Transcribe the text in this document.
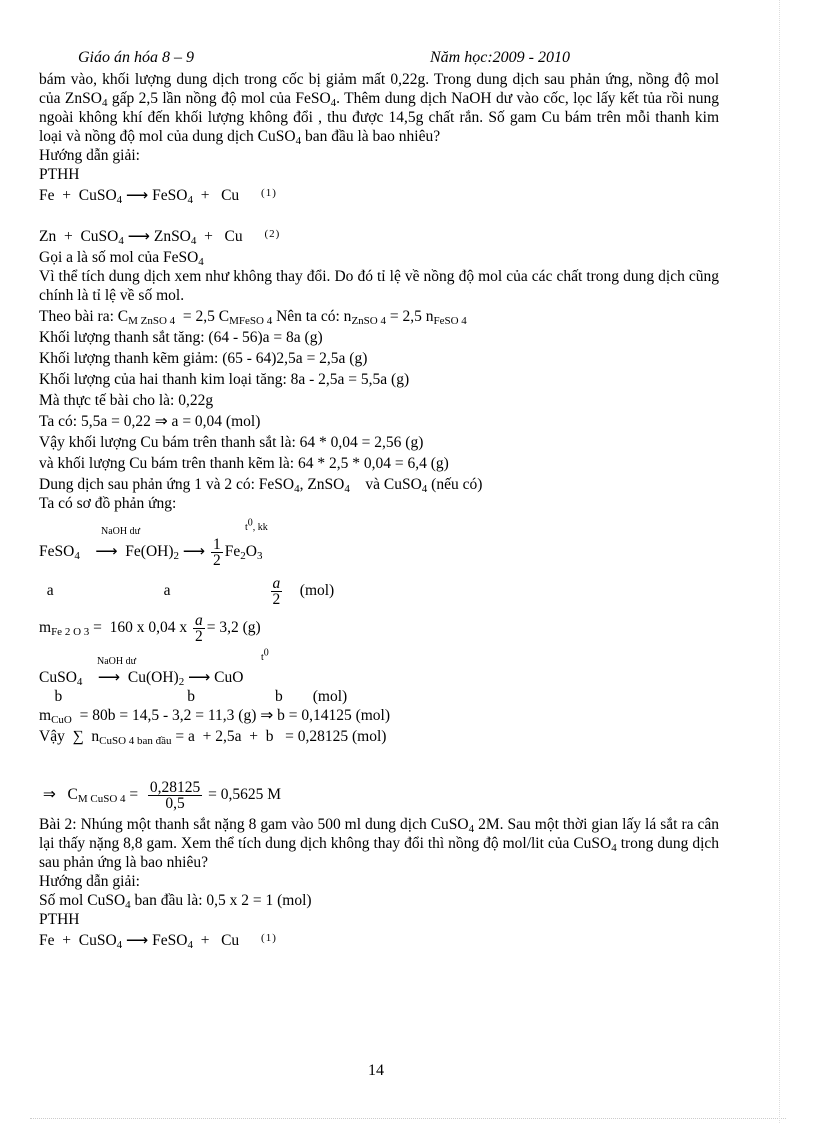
Giáo án hóa 8 – 9	Năm học:2009 - 2010
bám vào, khối lượng dung dịch trong cốc bị giảm mất 0,22g. Trong dung dịch sau phản ứng, nồng độ mol của ZnSO$_4$ gấp 2,5 lần nồng độ mol của FeSO$_4$. Thêm dung dịch NaOH dư vào cốc, lọc lấy kết tủa rồi nung ngoài không khí đến khối lượng không đổi , thu được 14,5g chất rắn. Số gam Cu bám trên mỗi thanh kim loại và nồng độ mol của dung dịch CuSO$_4$ ban đầu là bao nhiêu?
Hướng dẫn giải:
PTHH
Fe  +  CuSO$_4$ ⟶ FeSO$_4$  +   Cu $^{(1)}$
Zn  +  CuSO$_4$ ⟶ ZnSO$_4$  +   Cu $^{(2)}$
Gọi a là số mol của FeSO$_4$
Vì thể tích dung dịch xem như không thay đổi. Do đó tỉ lệ về nồng độ mol của các chất trong dung dịch cũng chính là tỉ lệ về số mol.
Theo bài ra: $C_{M ZnSO 4} = 2,5$ $C_{MFeSO 4}$ Nên ta có: $n_{ZnSO 4} = 2,5$ $n_{FeSO 4}$
Khối lượng thanh sắt tăng: (64 - 56)a = 8a (g)
Khối lượng thanh kẽm giảm: (65 - 64)2,5a = 2,5a (g)
Khối lượng của hai thanh kim loại tăng: 8a - 2,5a = 5,5a (g)
Mà thực tế bài cho là: 0,22g
Ta có: 5,5a = 0,22 ⇒ a = 0,04 (mol)
Vậy khối lượng Cu bám trên thanh sắt là: 64 * 0,04 = 2,56 (g)
và khối lượng Cu bám trên thanh kẽm là: 64 * 2,5 * 0,04 = 6,4 (g)
Dung dịch sau phản ứng 1 và 2 có: FeSO$_4$, ZnSO$_4$    và CuSO$_4$ (nếu có)
Ta có sơ đồ phản ứng:
NaOH dư	$t^0$, kk
FeSO$_4$    ⟶  $Fe(OH)_2$ ⟶ $\frac{1}{2} Fe_2O_3$
a	a	$\frac{a}{2} (mol)$
$m_{Fe 2 O 3} = 160$ x 0,04 x $\frac{a}{2} = 3,2$ (g)
NaOH dư	$t^0$
CuSO$_4$    ⟶  $Cu(OH)_2$ ⟶ CuO
b	b	b (mol)
$m_{CuO} = 80b = 14,5 - 3,2 = 11,3$ (g) ⇒ b = 0,14125 (mol)
Vậy  ∑  $n_{CuSO 4 ban đầu} = a + 2,5a + b = 0,28125$ (mol)
⇒   $C_{M CuSO 4} = \frac{0,28125}{0,5} = 0,5625$ M
Bài 2: Nhúng một thanh sắt nặng 8 gam vào 500 ml dung dịch CuSO$_4$ 2M. Sau một thời gian lấy lá sắt ra cân lại thấy nặng 8,8 gam. Xem thể tích dung dịch không thay đổi thì nồng độ mol/lit của CuSO$_4$ trong dung dịch sau phản ứng là bao nhiêu?
Hướng dẫn giải:
Số mol CuSO$_4$ ban đầu là: 0,5 x 2 = 1 (mol)
PTHH
Fe  +  CuSO$_4$ ⟶ FeSO$_4$  +   Cu $^{(1)}$
14
